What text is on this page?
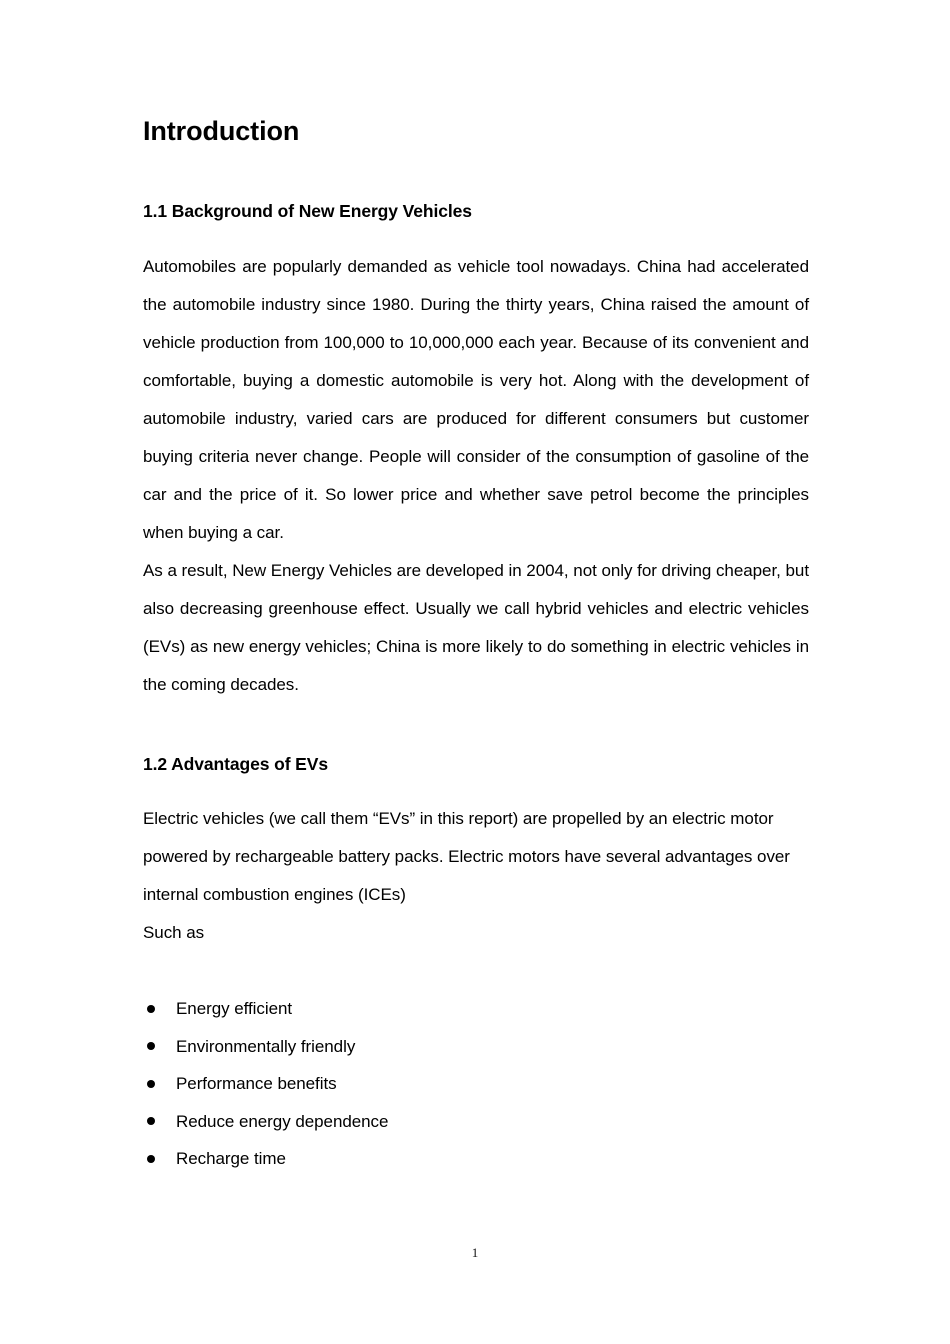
Introduction
1.1 Background of New Energy Vehicles

Automobiles are popularly demanded as vehicle tool nowadays. China had accelerated the automobile industry since 1980. During the thirty years, China raised the amount of vehicle production from 100,000 to 10,000,000 each year. Because of its convenient and comfortable, buying a domestic automobile is very hot. Along with the development of automobile industry, varied cars are produced for different consumers but customer buying criteria never change. People will consider of the consumption of gasoline of the car and the price of it. So lower price and whether save petrol become the principles when buying a car.

As a result, New Energy Vehicles are developed in 2004, not only for driving cheaper, but also decreasing greenhouse effect. Usually we call hybrid vehicles and electric vehicles (EVs) as new energy vehicles; China is more likely to do something in electric vehicles in the coming decades.

1.2 Advantages of EVs

Electric vehicles (we call them “EVs” in this report) are propelled by an electric motor powered by rechargeable battery packs. Electric motors have several advantages over internal combustion engines (ICEs)

Such as

Energy efficient
Environmentally friendly
Performance benefits
Reduce energy dependence
Recharge time
1
